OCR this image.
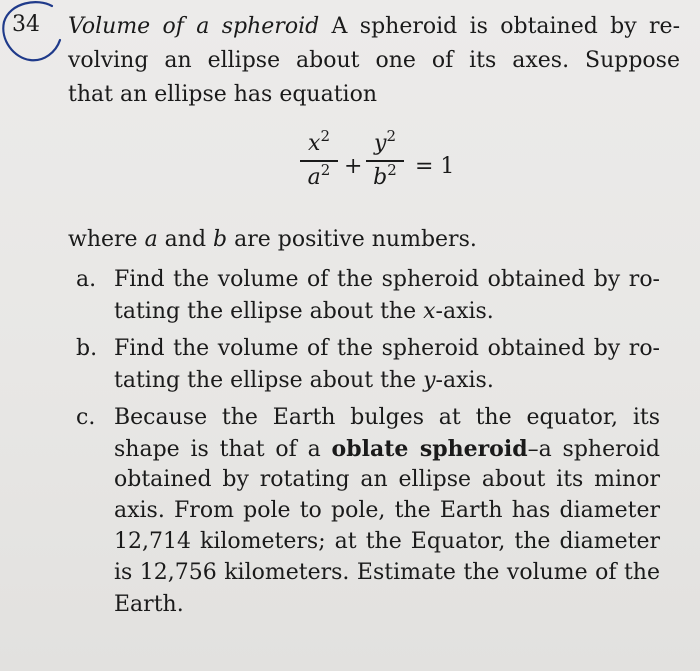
34 Volume of a spheroid A spheroid is obtained by re-
volving an ellipse about one of its axes. Suppose
that an ellipse has equation
$x^2$
$a^2$ +
$y^2$
$b^2 = 1$
where a and b are positive numbers.
a. Find the volume of the spheroid obtained by ro-
tating the ellipse about the x-axis.
b. Find the volume of the spheroid obtained by ro-
tating the ellipse about the y-axis.
c. Because the Earth bulges at the equator, its
shape is that of a oblate spheroid–a spheroid
obtained by rotating an ellipse about its minor
axis. From pole to pole, the Earth has diameter
12,714 kilometers; at the Equator, the diameter
is 12,756 kilometers. Estimate the volume of the
Earth.
